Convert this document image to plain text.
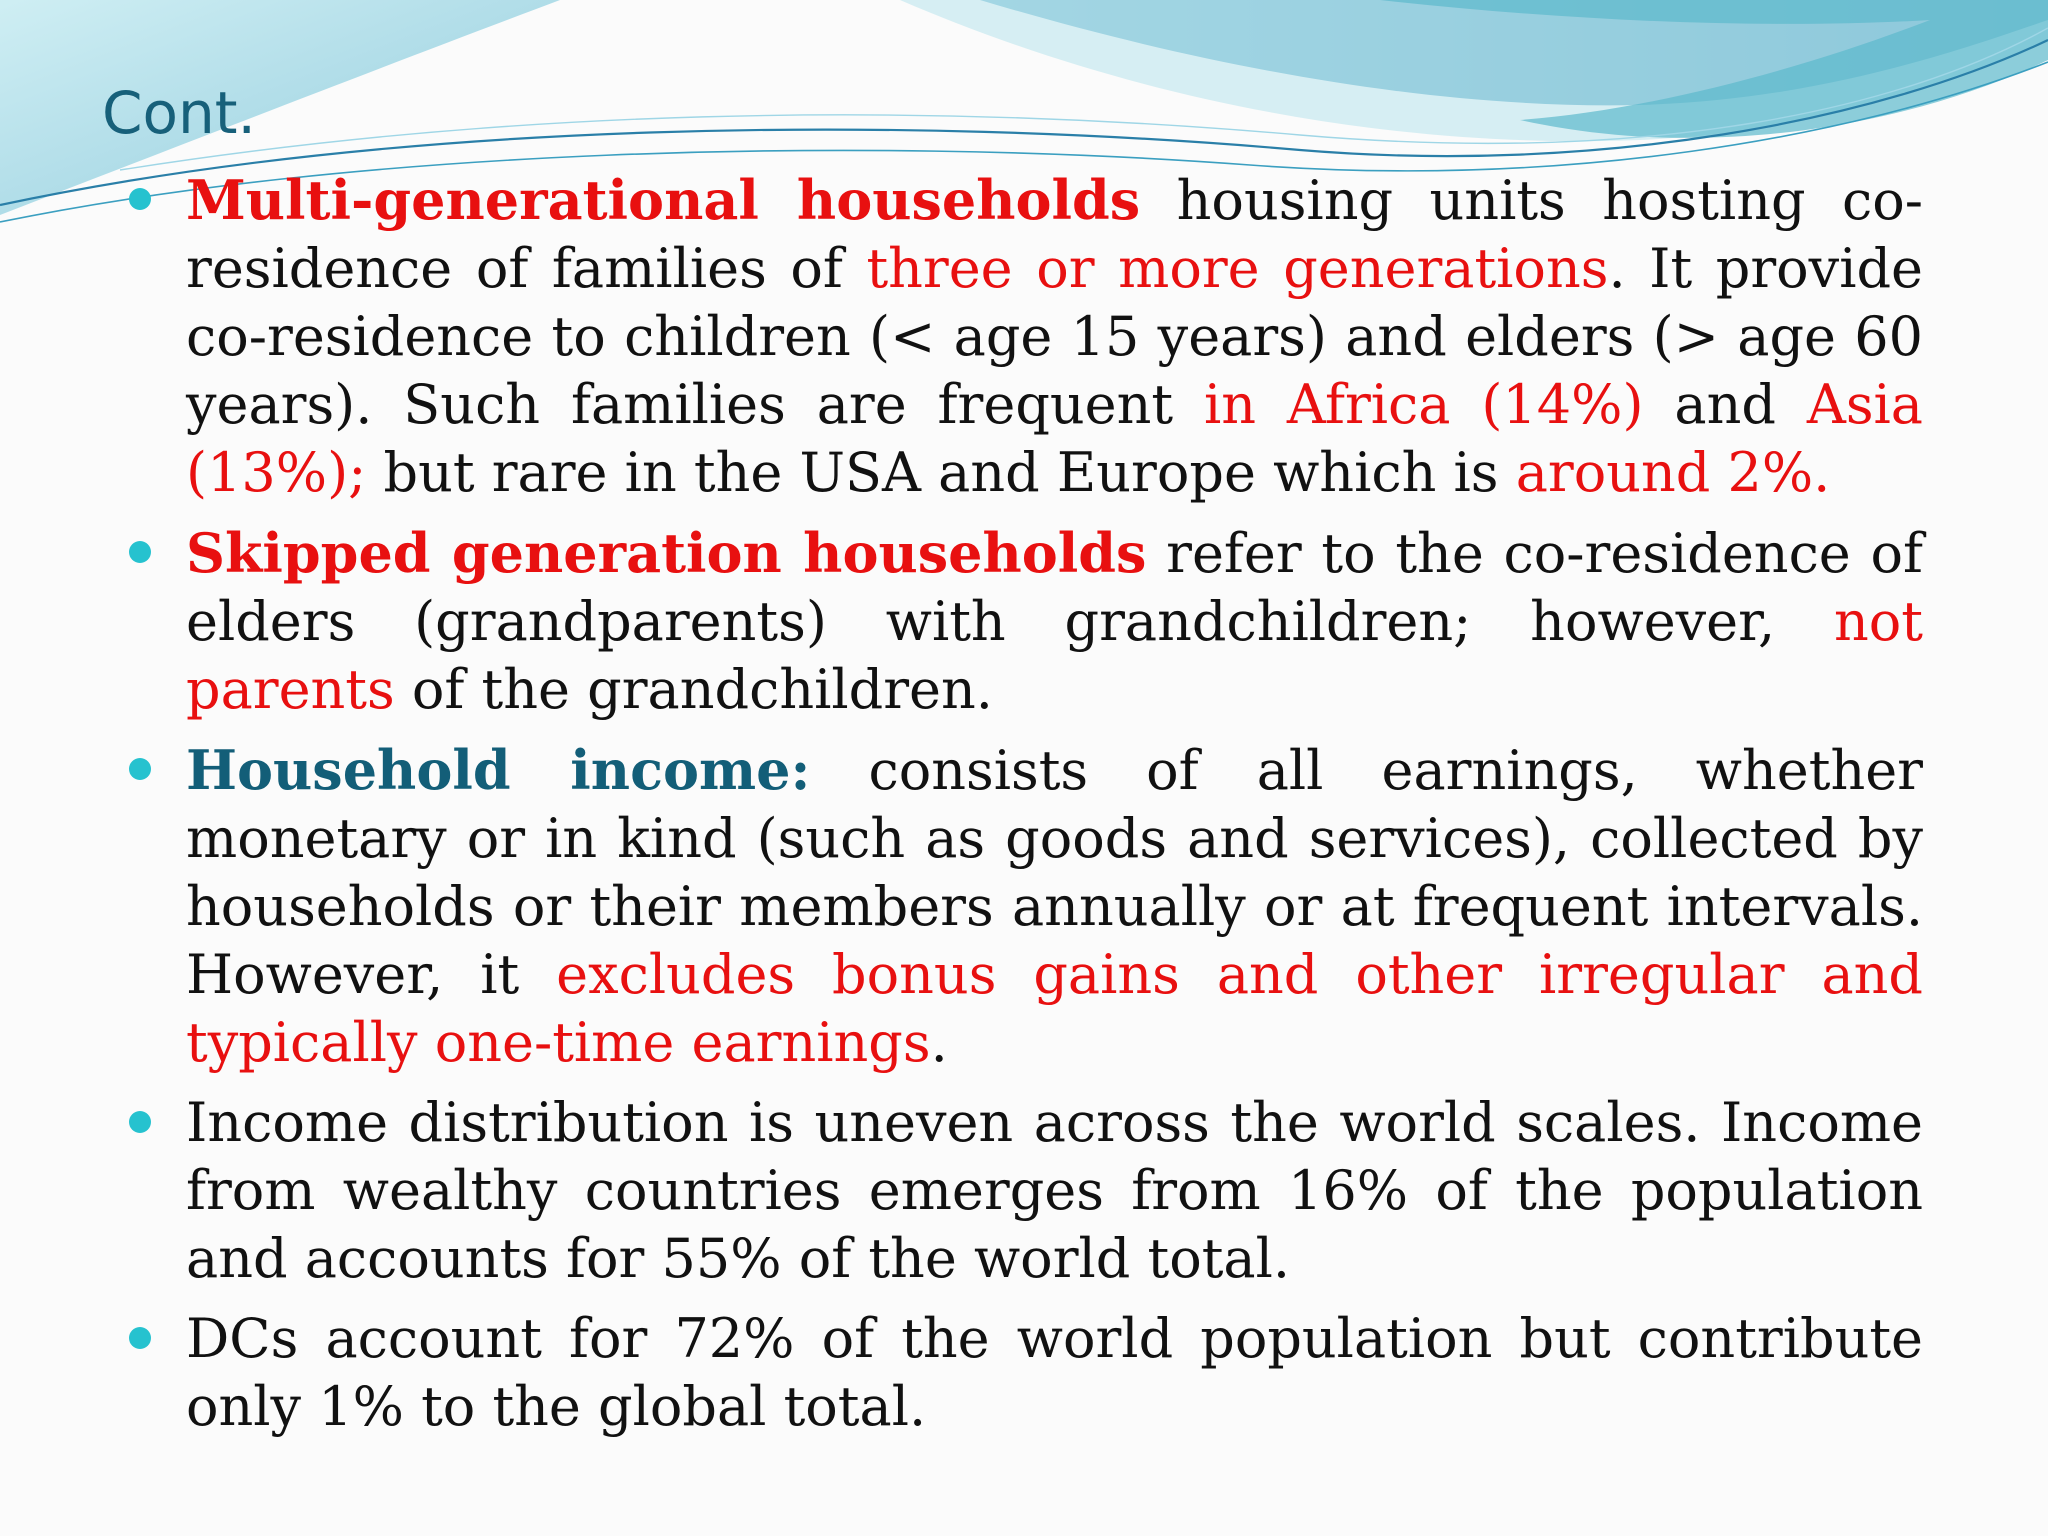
Cont.
Multi-generational households housing units hosting co-residence of families of three or more generations. It provide co-residence to children (< age 15 years) and elders (> age 60 years). Such families are frequent in Africa (14%) and Asia (13%); but rare in the USA and Europe which is around 2%.
Skipped generation households refer to the co-residence of elders (grandparents) with grandchildren; however, not parents of the grandchildren.
Household income: consists of all earnings, whether monetary or in kind (such as goods and services), collected by households or their members annually or at frequent intervals. However, it excludes bonus gains and other irregular and typically one-time earnings.
Income distribution is uneven across the world scales. Income from wealthy countries emerges from 16% of the population and accounts for 55% of the world total.
DCs account for 72% of the world population but contribute only 1% to the global total.
